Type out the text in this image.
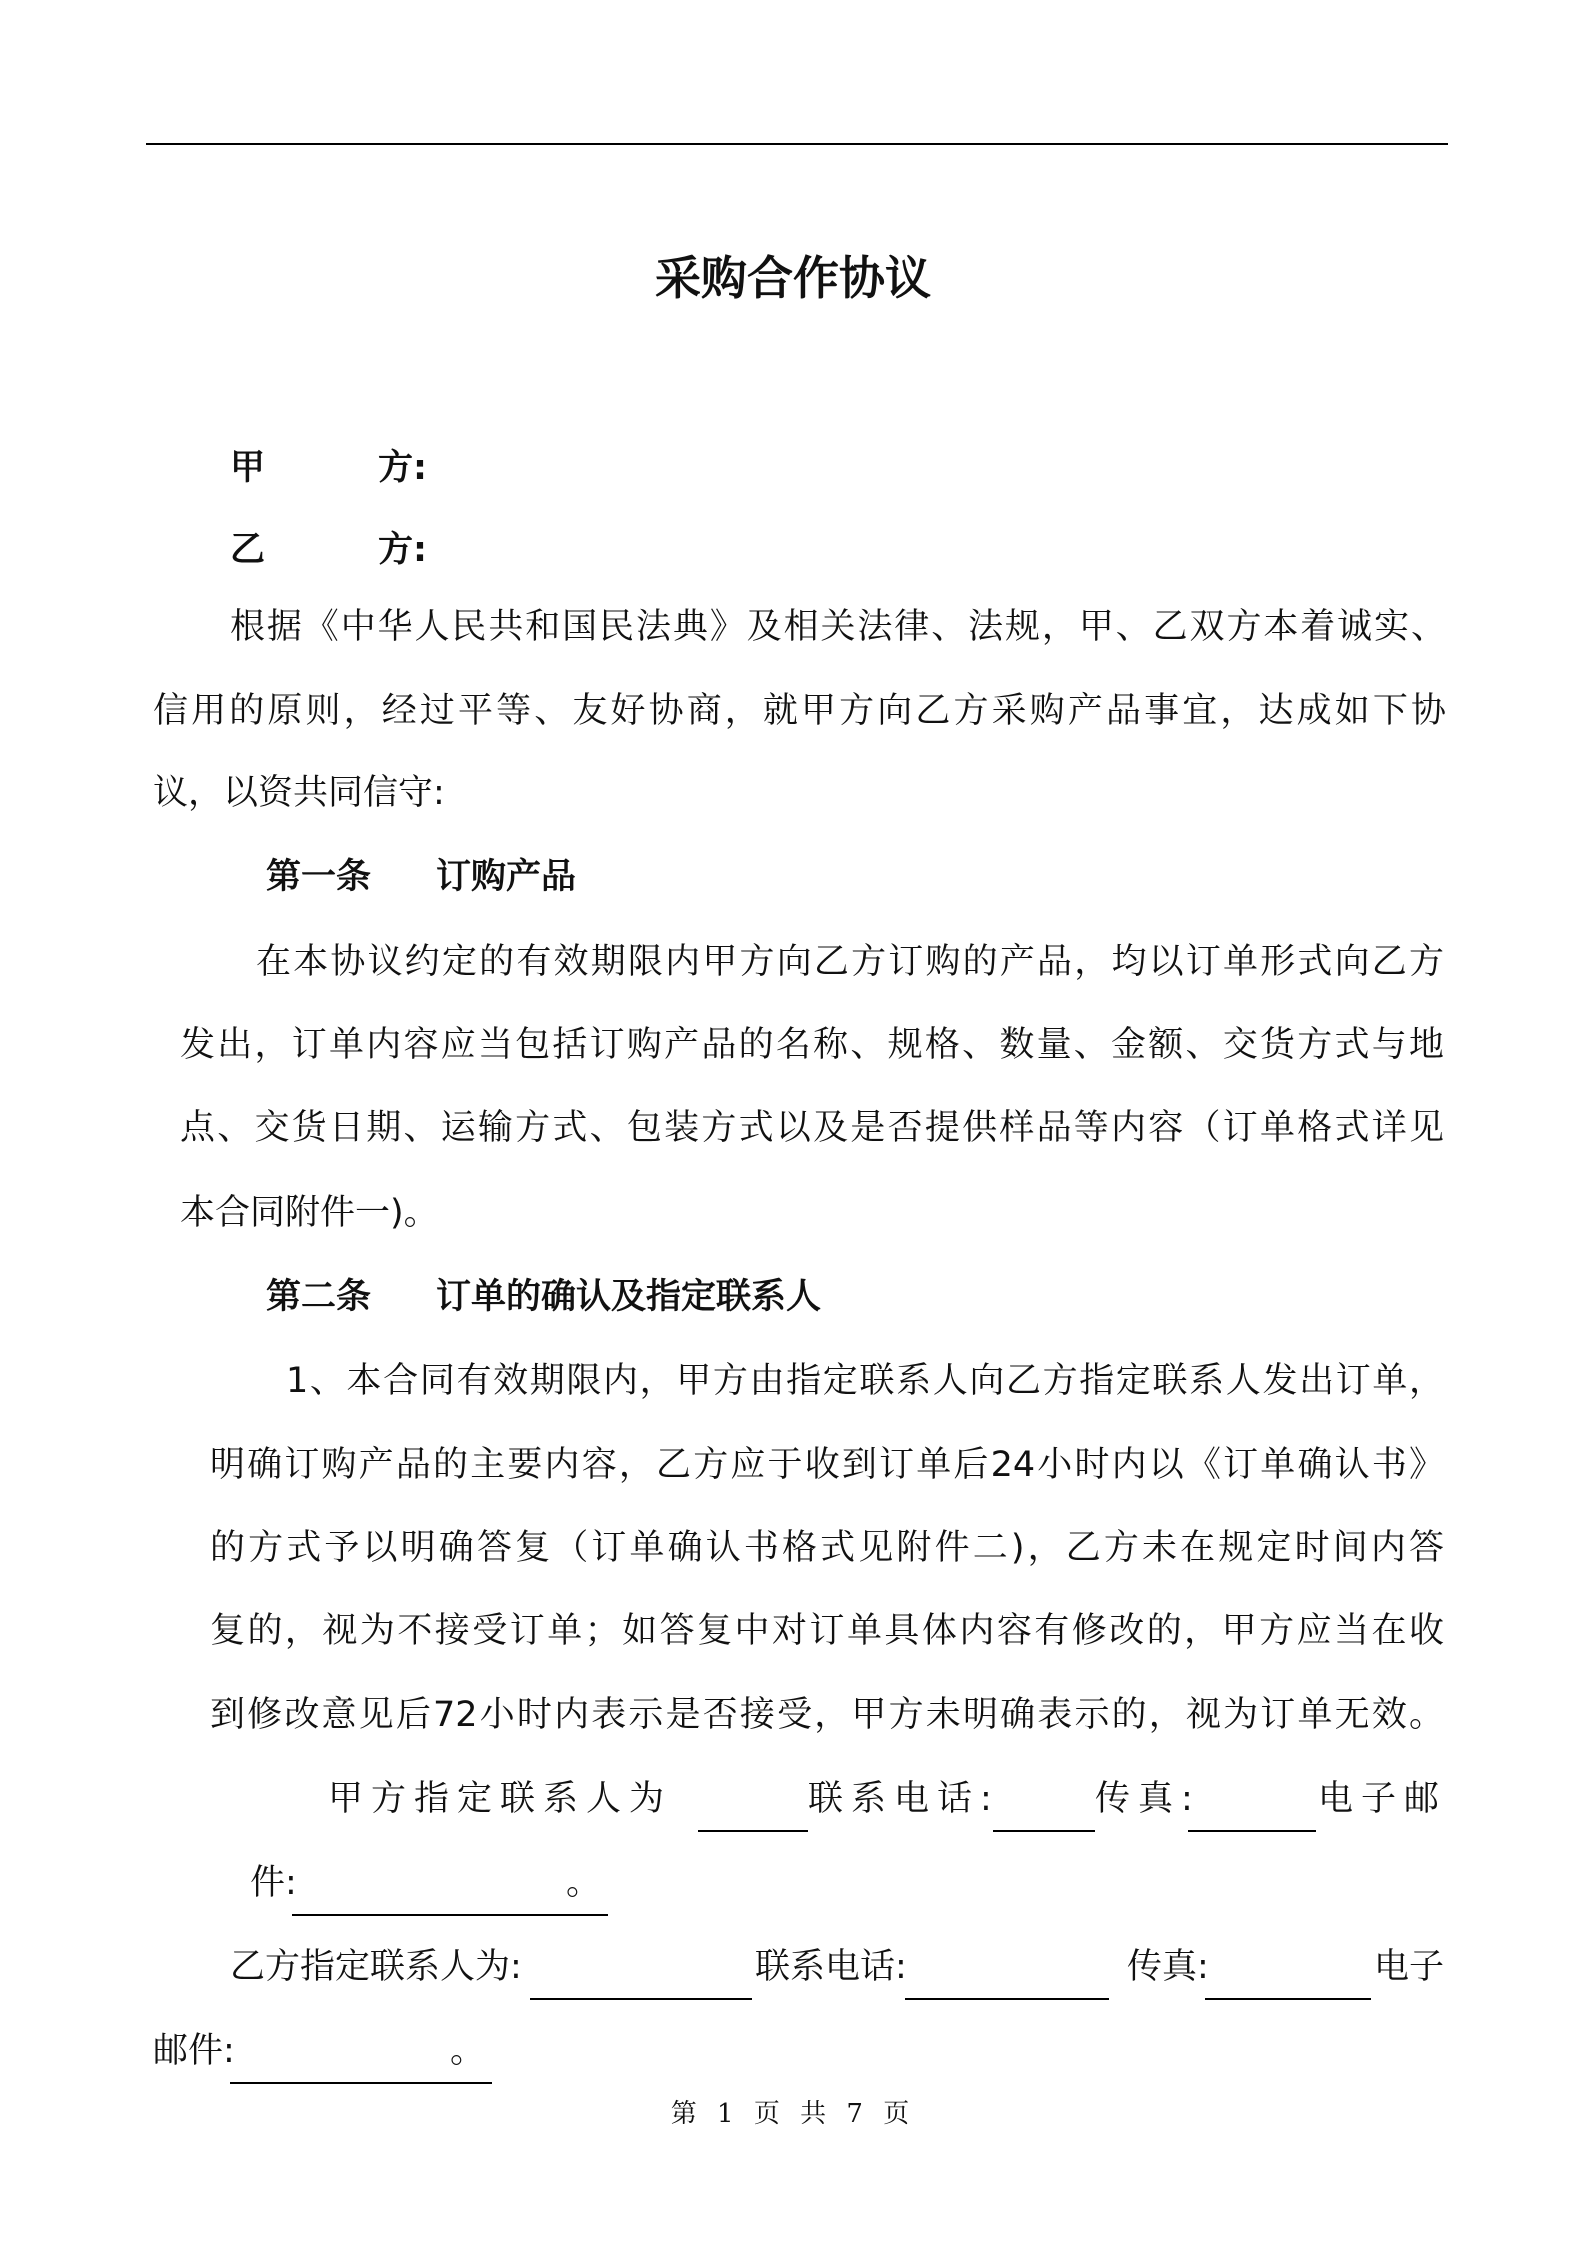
采购合作协议
甲	方:
乙	方:
根据《中华人民共和国民法典》及相关法律、法规，甲、乙双方本着诚实、
信用的原则，经过平等、友好协商，就甲方向乙方采购产品事宜，达成如下协
议，以资共同信守:
第一条 订购产品
在本协议约定的有效期限内甲方向乙方订购的产品，均以订单形式向乙方
发出，订单内容应当包括订购产品的名称、规格、数量、金额、交货方式与地
点、交货日期、运输方式、包装方式以及是否提供样品等内容（订单格式详见
本合同附件一)。
第二条 订单的确认及指定联系人
1、本合同有效期限内，甲方由指定联系人向乙方指定联系人发出订单，
明确订购产品的主要内容，乙方应于收到订单后24小时内以《订单确认书》
的方式予以明确答复（订单确认书格式见附件二)，乙方未在规定时间内答
复的，视为不接受订单；如答复中对订单具体内容有修改的，甲方应当在收
到修改意见后72小时内表示是否接受，甲方未明确表示的，视为订单无效。
甲方指定联系人为	联系电话:	传真:	电子邮
件:	。
乙方指定联系人为:	联系电话:	传真:	电子
邮件:	。
第 1 页 共 7 页
